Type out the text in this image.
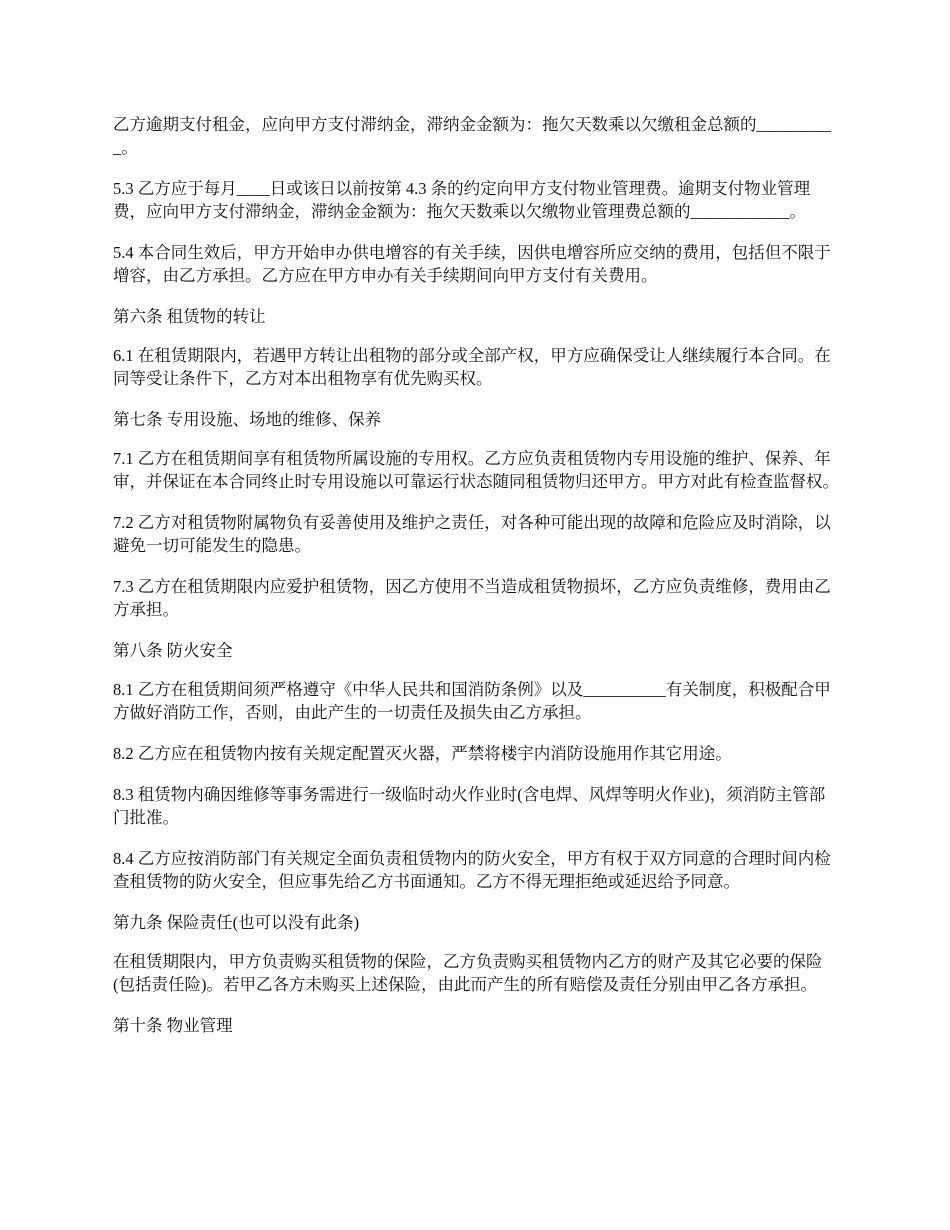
乙方逾期支付租金，应向甲方支付滞纳金，滞纳金金额为：拖欠天数乘以欠缴租金总额的__________。

5.3 乙方应于每月____日或该日以前按第 4.3 条的约定向甲方支付物业管理费。逾期支付物业管理费，应向甲方支付滞纳金，滞纳金金额为：拖欠天数乘以欠缴物业管理费总额的____________。

5.4 本合同生效后，甲方开始申办供电增容的有关手续，因供电增容所应交纳的费用，包括但不限于增容，由乙方承担。乙方应在甲方申办有关手续期间向甲方支付有关费用。

第六条 租赁物的转让

6.1 在租赁期限内，若遇甲方转让出租物的部分或全部产权，甲方应确保受让人继续履行本合同。在同等受让条件下，乙方对本出租物享有优先购买权。

第七条 专用设施、场地的维修、保养

7.1 乙方在租赁期间享有租赁物所属设施的专用权。乙方应负责租赁物内专用设施的维护、保养、年审，并保证在本合同终止时专用设施以可靠运行状态随同租赁物归还甲方。甲方对此有检查监督权。

7.2 乙方对租赁物附属物负有妥善使用及维护之责任，对各种可能出现的故障和危险应及时消除，以避免一切可能发生的隐患。

7.3 乙方在租赁期限内应爱护租赁物，因乙方使用不当造成租赁物损坏，乙方应负责维修，费用由乙方承担。

第八条 防火安全

8.1 乙方在租赁期间须严格遵守《中华人民共和国消防条例》以及__________有关制度，积极配合甲方做好消防工作，否则，由此产生的一切责任及损失由乙方承担。

8.2 乙方应在租赁物内按有关规定配置灭火器，严禁将楼宇内消防设施用作其它用途。

8.3 租赁物内确因维修等事务需进行一级临时动火作业时(含电焊、风焊等明火作业)，须消防主管部门批准。

8.4 乙方应按消防部门有关规定全面负责租赁物内的防火安全，甲方有权于双方同意的合理时间内检查租赁物的防火安全，但应事先给乙方书面通知。乙方不得无理拒绝或延迟给予同意。

第九条 保险责任(也可以没有此条)

在租赁期限内，甲方负责购买租赁物的保险，乙方负责购买租赁物内乙方的财产及其它必要的保险(包括责任险)。若甲乙各方未购买上述保险，由此而产生的所有赔偿及责任分别由甲乙各方承担。

第十条 物业管理
